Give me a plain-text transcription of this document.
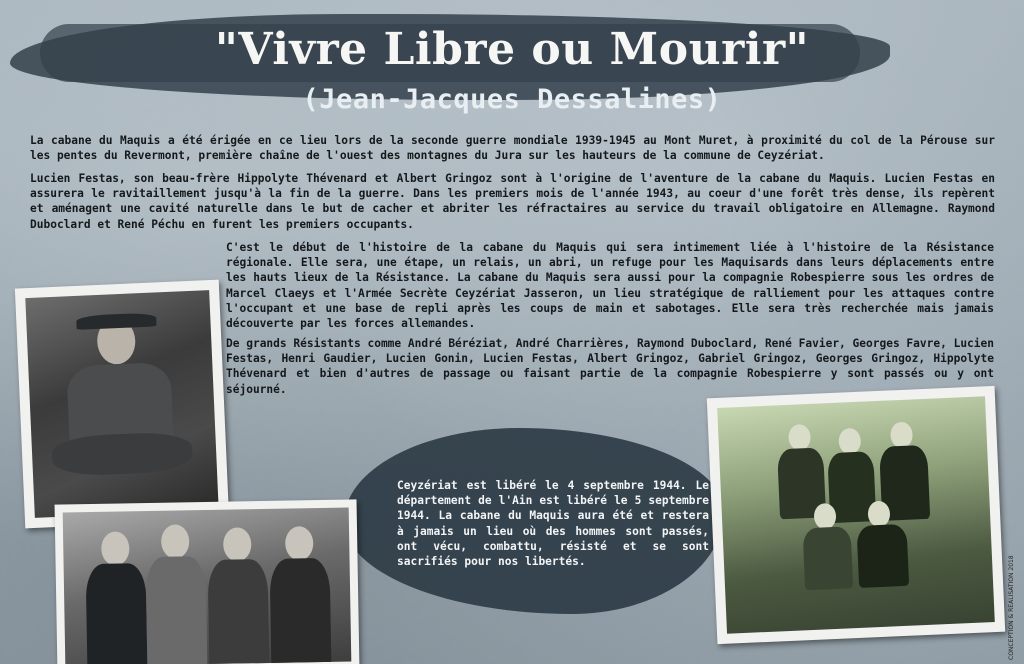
"Vivre Libre ou Mourir"
(Jean-Jacques Dessalines)

La cabane du Maquis a été érigée en ce lieu lors de la seconde guerre mondiale 1939-1945 au Mont Muret, à proximité du col de la Pérouse sur les pentes du Revermont, première chaîne de l'ouest des montagnes du Jura sur les hauteurs de la commune de Ceyzériat.

Lucien Festas, son beau-frère Hippolyte Thévenard et Albert Gringoz sont à l'origine de l'aventure de la cabane du Maquis. Lucien Festas en assurera le ravitaillement jusqu'à la fin de la guerre. Dans les premiers mois de l'année 1943, au coeur d'une forêt très dense, ils repèrent et aménagent une cavité naturelle dans le but de cacher et abriter les réfractaires au service du travail obligatoire en Allemagne. Raymond Duboclard et René Péchu en furent les premiers occupants.

C'est le début de l'histoire de la cabane du Maquis qui sera intimement liée à l'histoire de la Résistance régionale. Elle sera, une étape, un relais, un abri, un refuge pour les Maquisards dans leurs déplacements entre les hauts lieux de la Résistance. La cabane du Maquis sera aussi pour la compagnie Robespierre sous les ordres de Marcel Claeys et l'Armée Secrète Ceyzériat Jasseron, un lieu stratégique de ralliement pour les attaques contre l'occupant et une base de repli après les coups de main et sabotages. Elle sera très recherchée mais jamais découverte par les forces allemandes.

De grands Résistants comme André Béréziat, André Charrières, Raymond Duboclard, René Favier, Georges Favre, Lucien Festas, Henri Gaudier, Lucien Gonin, Lucien Festas, Albert Gringoz, Gabriel Gringoz, Georges Gringoz, Hippolyte Thévenard et bien d'autres de passage ou faisant partie de la compagnie Robespierre y sont passés ou y ont séjourné.

Ceyzériat est libéré le 4 septembre 1944. Le département de l'Ain est libéré le 5 septembre 1944. La cabane du Maquis aura été et restera à jamais un lieu où des hommes sont passés, ont vécu, combattu, résisté et se sont sacrifiés pour nos libertés.	CONCEPTION & REALISATION 2018
